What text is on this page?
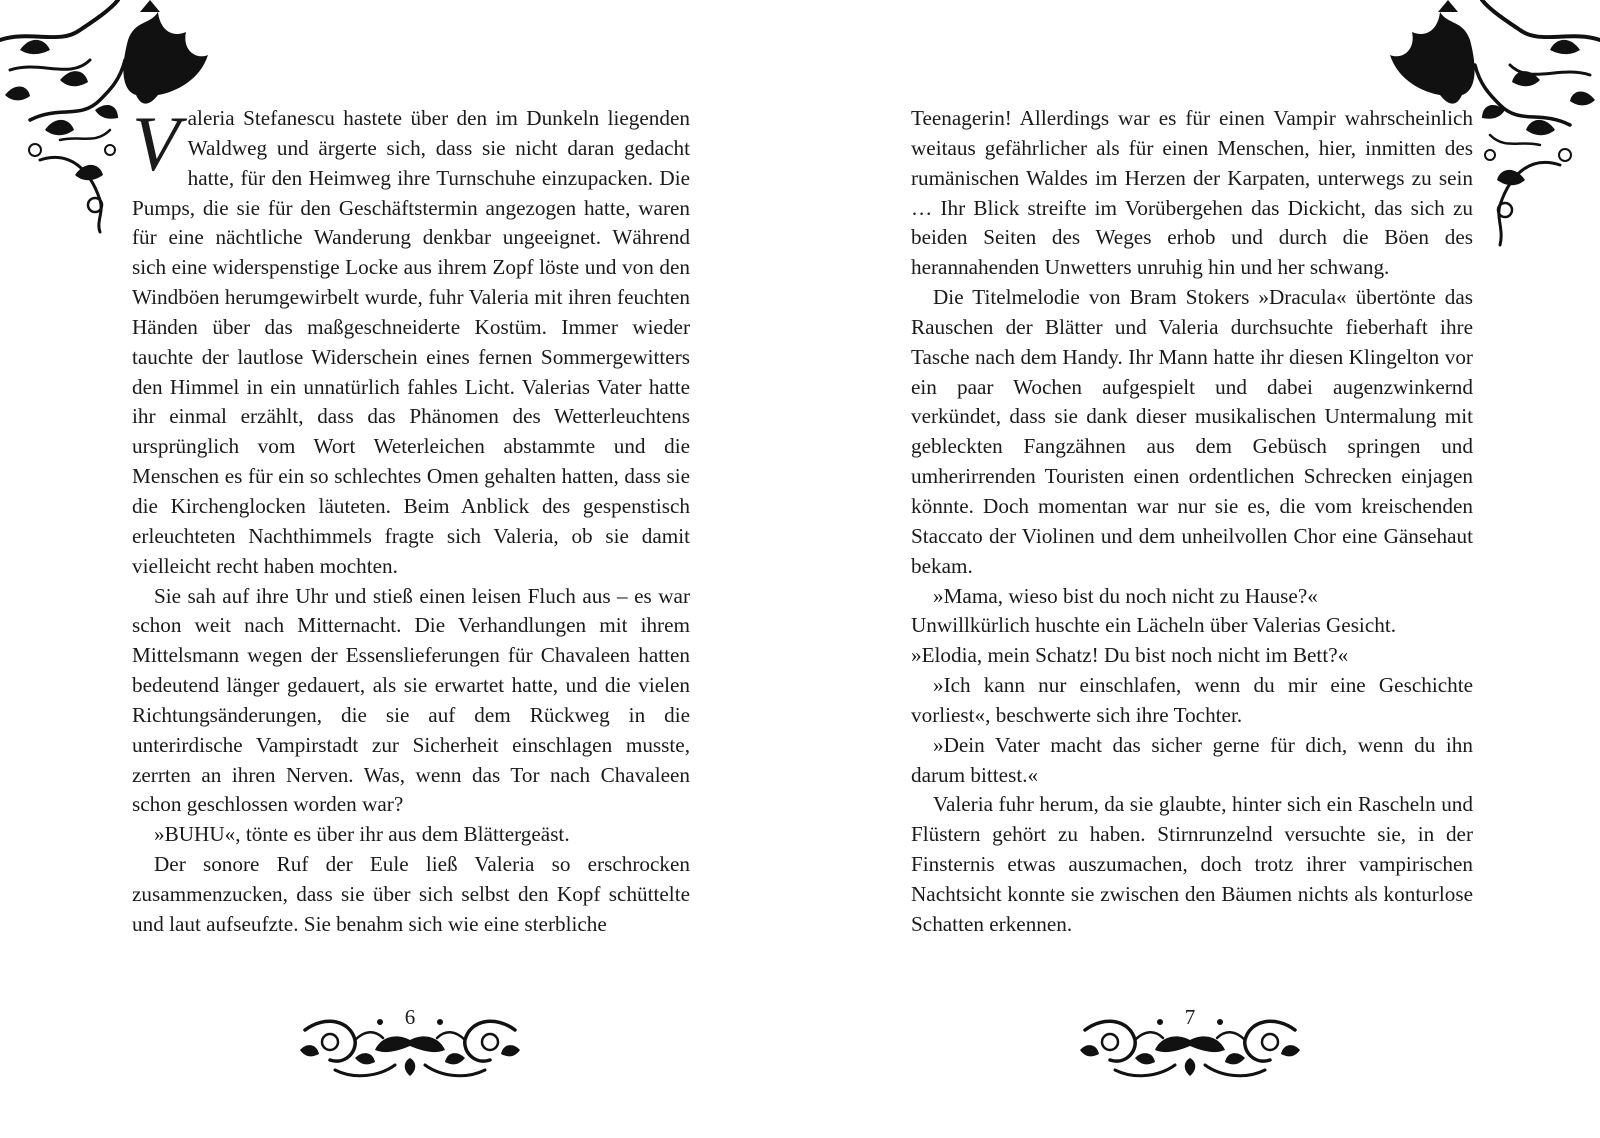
Valeria Stefanescu hastete über den im Dunkeln liegenden Waldweg und ärgerte sich, dass sie nicht daran gedacht hatte, für den Heimweg ihre Turnschuhe einzupacken. Die Pumps, die sie für den Geschäftstermin angezogen hatte, waren für eine nächtliche Wanderung denkbar ungeeignet. Während sich eine widerspenstige Locke aus ihrem Zopf löste und von den Windböen herumgewirbelt wurde, fuhr Valeria mit ihren feuchten Händen über das maßgeschneiderte Kostüm. Immer wieder tauchte der lautlose Widerschein eines fernen Sommergewitters den Himmel in ein unnatürlich fahles Licht. Valerias Vater hatte ihr einmal erzählt, dass das Phänomen des Wetterleuchtens ursprünglich vom Wort Weterleichen abstammte und die Menschen es für ein so schlechtes Omen gehalten hatten, dass sie die Kirchenglocken läuteten. Beim Anblick des gespenstisch erleuchteten Nachthimmels fragte sich Valeria, ob sie damit vielleicht recht haben mochten.

Sie sah auf ihre Uhr und stieß einen leisen Fluch aus – es war schon weit nach Mitternacht. Die Verhandlungen mit ihrem Mittelsmann wegen der Essenslieferungen für Chavaleen hatten bedeutend länger gedauert, als sie erwartet hatte, und die vielen Richtungsänderungen, die sie auf dem Rückweg in die unterirdische Vampirstadt zur Sicherheit einschlagen musste, zerrten an ihren Nerven. Was, wenn das Tor nach Chavaleen schon geschlossen worden war?

»BUHU«, tönte es über ihr aus dem Blättergeäst.

Der sonore Ruf der Eule ließ Valeria so erschrocken zusammenzucken, dass sie über sich selbst den Kopf schüttelte und laut aufseufzte. Sie benahm sich wie eine sterbliche

6

Teenagerin! Allerdings war es für einen Vampir wahrscheinlich weitaus gefährlicher als für einen Menschen, hier, inmitten des rumänischen Waldes im Herzen der Karpaten, unterwegs zu sein … Ihr Blick streifte im Vorübergehen das Dickicht, das sich zu beiden Seiten des Weges erhob und durch die Böen des herannahenden Unwetters unruhig hin und her schwang.

Die Titelmelodie von Bram Stokers »Dracula« übertönte das Rauschen der Blätter und Valeria durchsuchte fieberhaft ihre Tasche nach dem Handy. Ihr Mann hatte ihr diesen Klingelton vor ein paar Wochen aufgespielt und dabei augenzwinkernd verkündet, dass sie dank dieser musikalischen Untermalung mit gebleckten Fangzähnen aus dem Gebüsch springen und umherirrenden Touristen einen ordentlichen Schrecken einjagen könnte. Doch momentan war nur sie es, die vom kreischenden Staccato der Violinen und dem unheilvollen Chor eine Gänsehaut bekam.

»Mama, wieso bist du noch nicht zu Hause?«

Unwillkürlich huschte ein Lächeln über Valerias Gesicht.

»Elodia, mein Schatz! Du bist noch nicht im Bett?«

»Ich kann nur einschlafen, wenn du mir eine Geschichte vorliest«, beschwerte sich ihre Tochter.

»Dein Vater macht das sicher gerne für dich, wenn du ihn darum bittest.«

Valeria fuhr herum, da sie glaubte, hinter sich ein Rascheln und Flüstern gehört zu haben. Stirnrunzelnd versuchte sie, in der Finsternis etwas auszumachen, doch trotz ihrer vampirischen Nachtsicht konnte sie zwischen den Bäumen nichts als konturlose Schatten erkennen.

7
